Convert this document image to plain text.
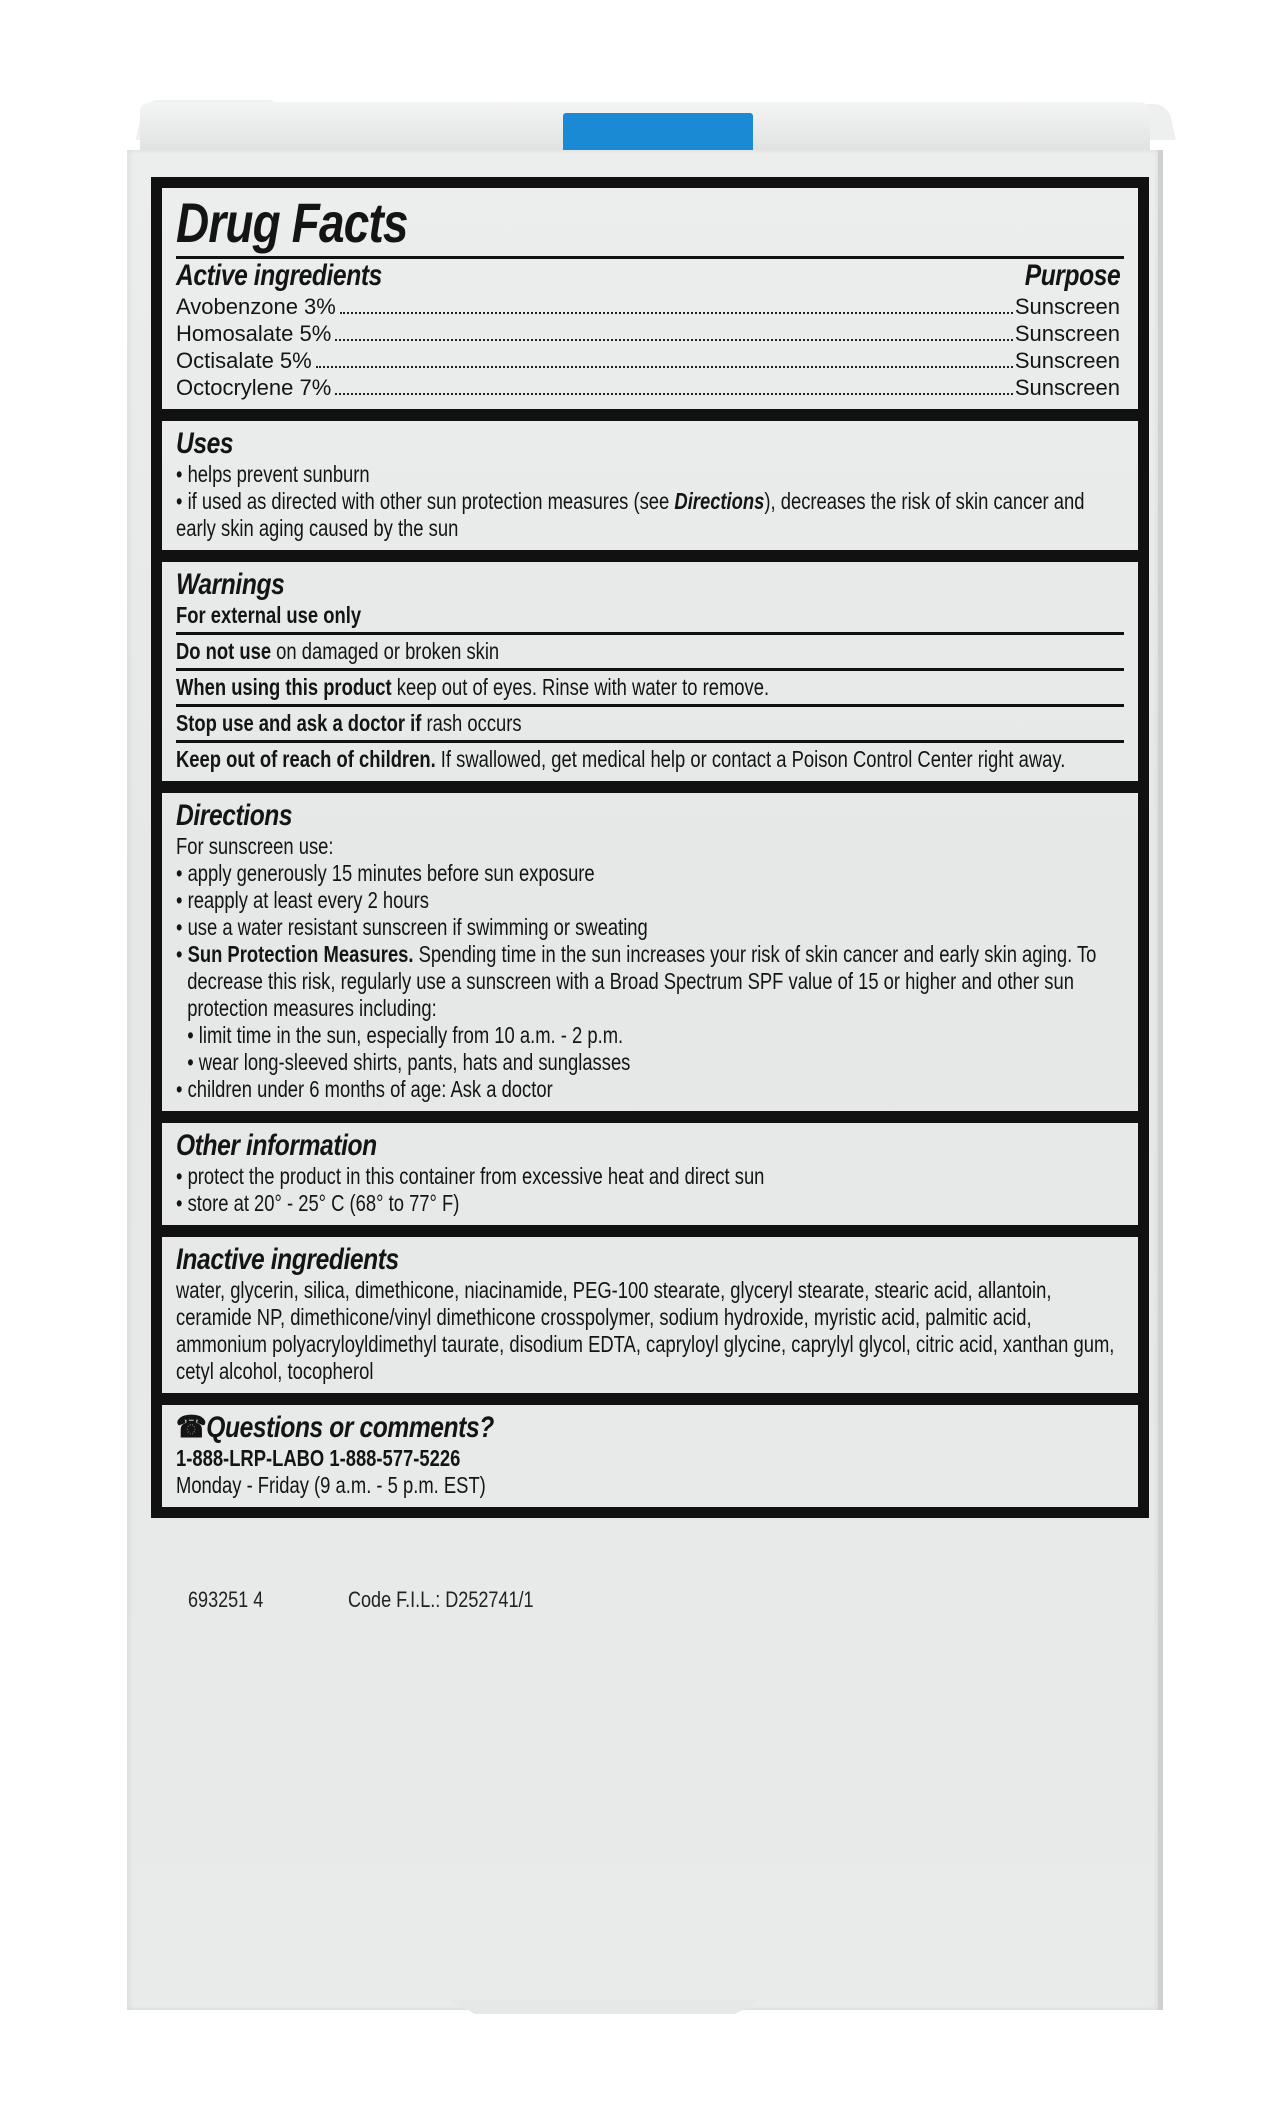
Drug Facts
Active ingredients	Purpose
Avobenzone 3%	Sunscreen
Homosalate 5%	Sunscreen
Octisalate 5%	Sunscreen
Octocrylene 7%	Sunscreen
Uses
• helps prevent sunburn
• if used as directed with other sun protection measures (see Directions), decreases the risk of skin cancer and early skin aging caused by the sun
Warnings
For external use only
Do not use on damaged or broken skin
When using this product keep out of eyes. Rinse with water to remove.
Stop use and ask a doctor if rash occurs
Keep out of reach of children. If swallowed, get medical help or contact a Poison Control Center right away.
Directions
For sunscreen use:
• apply generously 15 minutes before sun exposure
• reapply at least every 2 hours
• use a water resistant sunscreen if swimming or sweating
• Sun Protection Measures. Spending time in the sun increases your risk of skin cancer and early skin aging. To decrease this risk, regularly use a sunscreen with a Broad Spectrum SPF value of 15 or higher and other sun protection measures including:
• limit time in the sun, especially from 10 a.m. - 2 p.m.
• wear long-sleeved shirts, pants, hats and sunglasses
• children under 6 months of age: Ask a doctor
Other information
• protect the product in this container from excessive heat and direct sun
• store at 20° - 25° C (68° to 77° F)
Inactive ingredients
water, glycerin, silica, dimethicone, niacinamide, PEG-100 stearate, glyceryl stearate, stearic acid, allantoin, ceramide NP, dimethicone/vinyl dimethicone crosspolymer, sodium hydroxide, myristic acid, palmitic acid, ammonium polyacryloyldimethyl taurate, disodium EDTA, capryloyl glycine, caprylyl glycol, citric acid, xanthan gum, cetyl alcohol, tocopherol
☎Questions or comments?
1-888-LRP-LABO 1-888-577-5226
Monday - Friday (9 a.m. - 5 p.m. EST)
693251 4	Code F.I.L.: D252741/1
